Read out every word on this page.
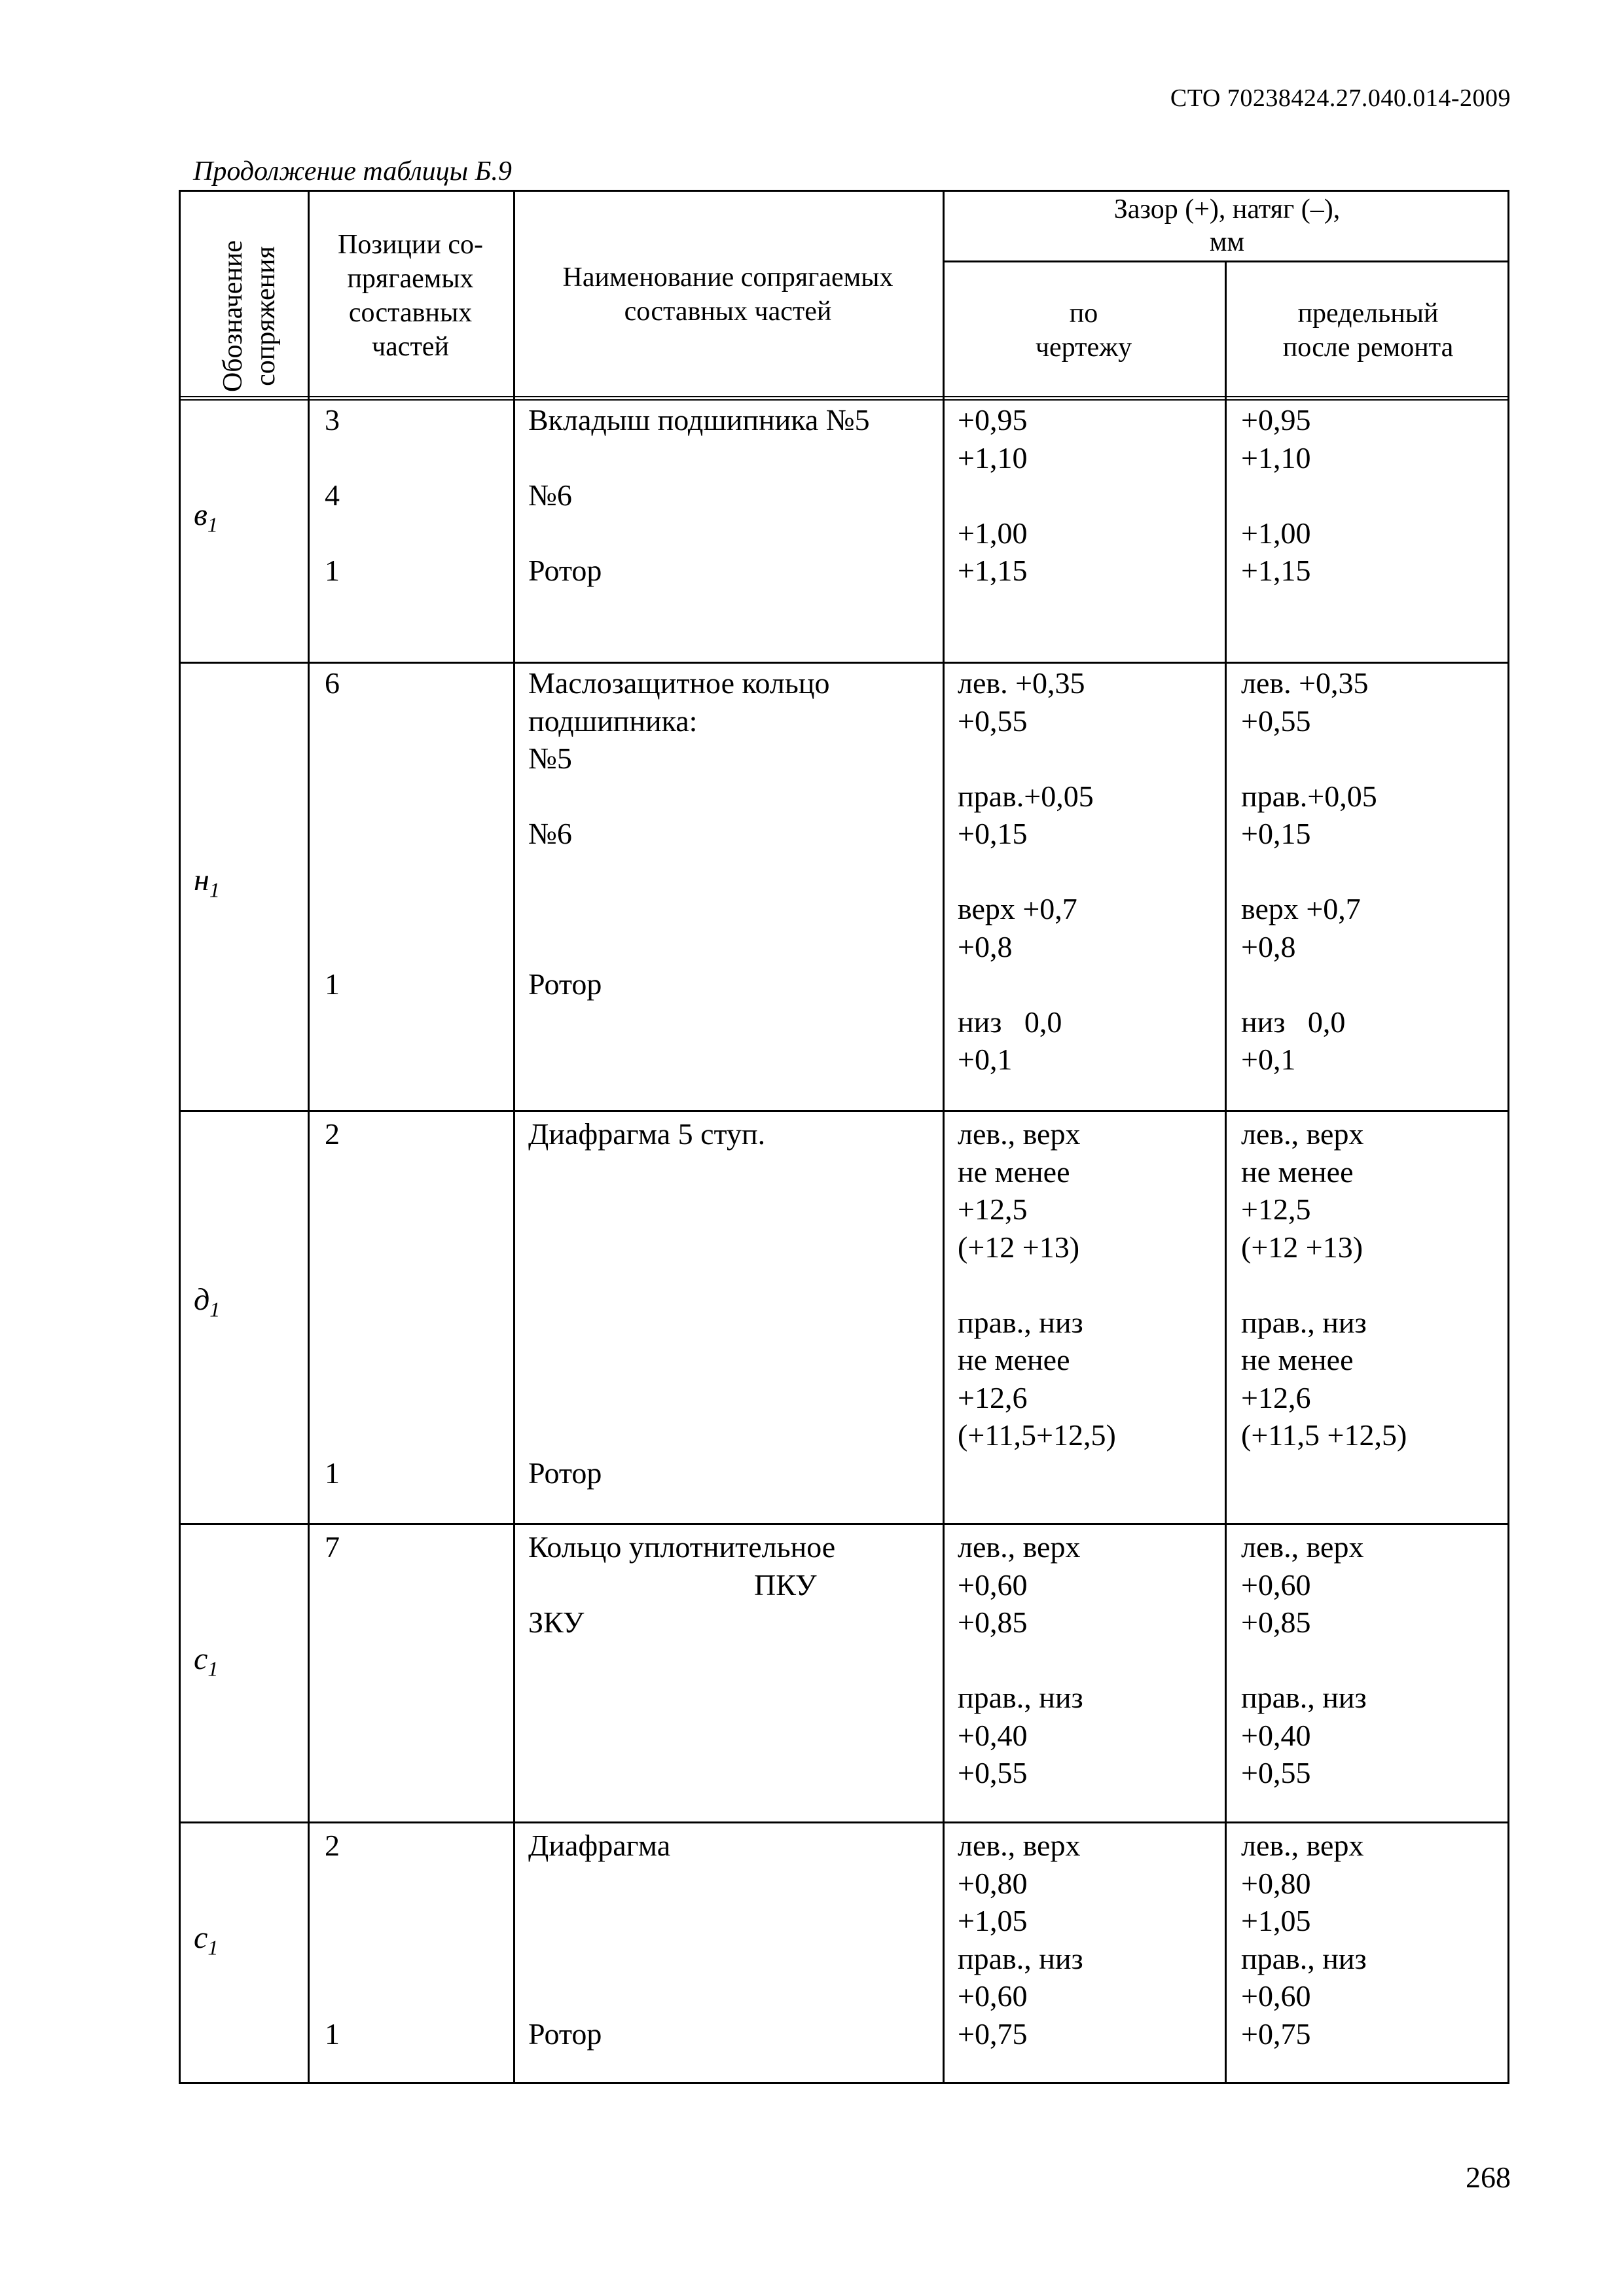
СТО 70238424.27.040.014-2009
Продолжение таблицы Б.9
Обозначение
сопряжения
Позиции со-
прягаемых
составных
частей
Наименование сопрягаемых
составных частей
Зазор (+), натяг (–),
мм
по
чертежу
предельный
после ремонта
$в_1$
3

4

1
Вкладыш подшипника №5

№6

Ротор
+0,95
+1,10

+1,00
+1,15
+0,95
+1,10

+1,00
+1,15
$н_1$
6

1
Маслозащитное кольцо
подшипника:
№5

№6

Ротор
лев. +0,35
+0,55

прав.+0,05
+0,15

верх +0,7
+0,8

низ   0,0
+0,1
лев. +0,35
+0,55

прав.+0,05
+0,15

верх +0,7
+0,8

низ   0,0
+0,1
$д_1$
2

1
Диафрагма 5 ступ.

Ротор
лев., верх
не менее
+12,5
(+12 +13)

прав., низ
не менее
+12,6
(+11,5+12,5)
лев., верх
не менее
+12,5
(+12 +13)

прав., низ
не менее
+12,6
(+11,5 +12,5)
$с_1$
7	Кольцо уплотнительное
ПКУ
ЗКУ
лев., верх
+0,60
+0,85

прав., низ
+0,40
+0,55
лев., верх
+0,60
+0,85

прав., низ
+0,40
+0,55
$с_1$
2

1
Диафрагма

Ротор
лев., верх
+0,80
+1,05
прав., низ
+0,60
+0,75
лев., верх
+0,80
+1,05
прав., низ
+0,60
+0,75
268
